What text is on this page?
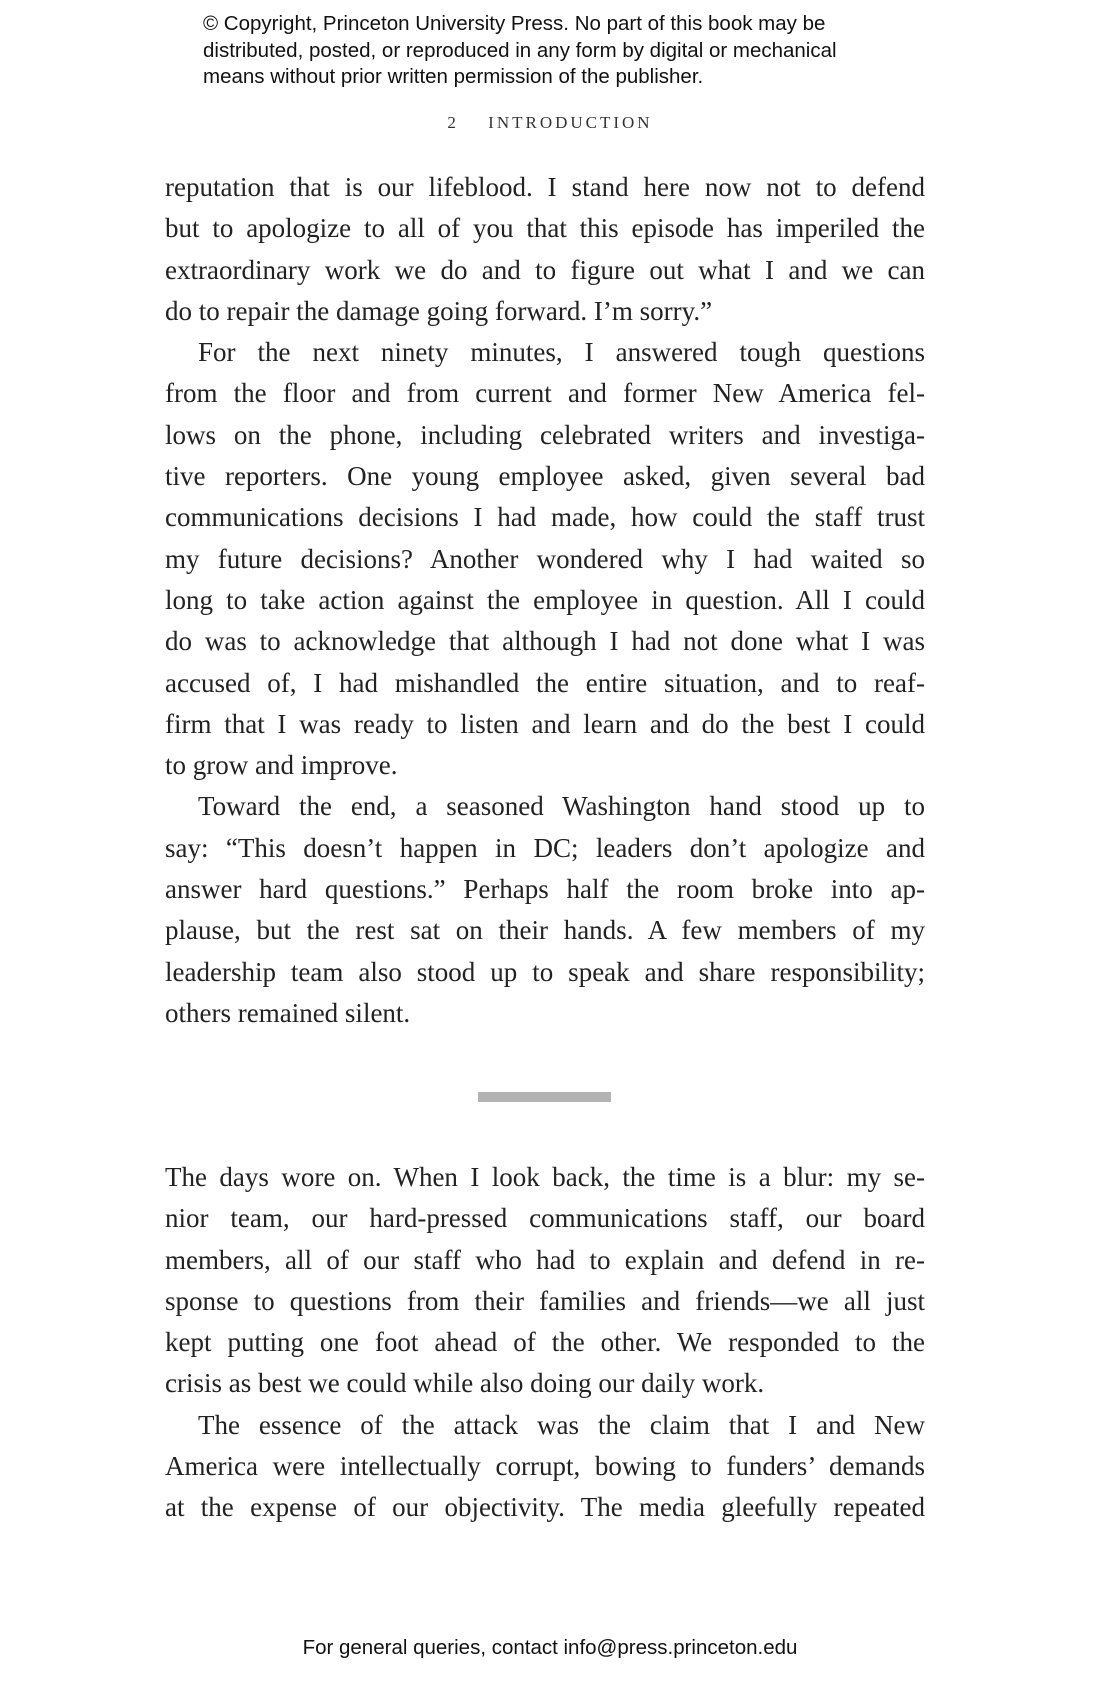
© Copyright, Princeton University Press. No part of this book may be
distributed, posted, or reproduced in any form by digital or mechanical
means without prior written permission of the publisher.
2 INTRODUCTION
reputation that is our lifeblood. I stand here now not to defend
but to apologize to all of you that this episode has imperiled the
extraordinary work we do and to figure out what I and we can
do to repair the damage going forward. I’m sorry.”
For the next ninety minutes, I answered tough questions
from the floor and from current and former New America fel-
lows on the phone, including celebrated writers and investiga-
tive reporters. One young employee asked, given several bad
communications decisions I had made, how could the staff trust
my future decisions? Another wondered why I had waited so
long to take action against the employee in question. All I could
do was to acknowledge that although I had not done what I was
accused of, I had mishandled the entire situation, and to reaf-
firm that I was ready to listen and learn and do the best I could
to grow and improve.
Toward the end, a seasoned Washington hand stood up to
say: “This doesn’t happen in DC; leaders don’t apologize and
answer hard questions.” Perhaps half the room broke into ap-
plause, but the rest sat on their hands. A few members of my
leadership team also stood up to speak and share responsibility;
others remained silent.
The days wore on. When I look back, the time is a blur: my se-
nior team, our hard-pressed communications staff, our board
members, all of our staff who had to explain and defend in re-
sponse to questions from their families and friends—we all just
kept putting one foot ahead of the other. We responded to the
crisis as best we could while also doing our daily work.
The essence of the attack was the claim that I and New
America were intellectually corrupt, bowing to funders’ demands
at the expense of our objectivity. The media gleefully repeated
For general queries, contact info@press.princeton.edu
